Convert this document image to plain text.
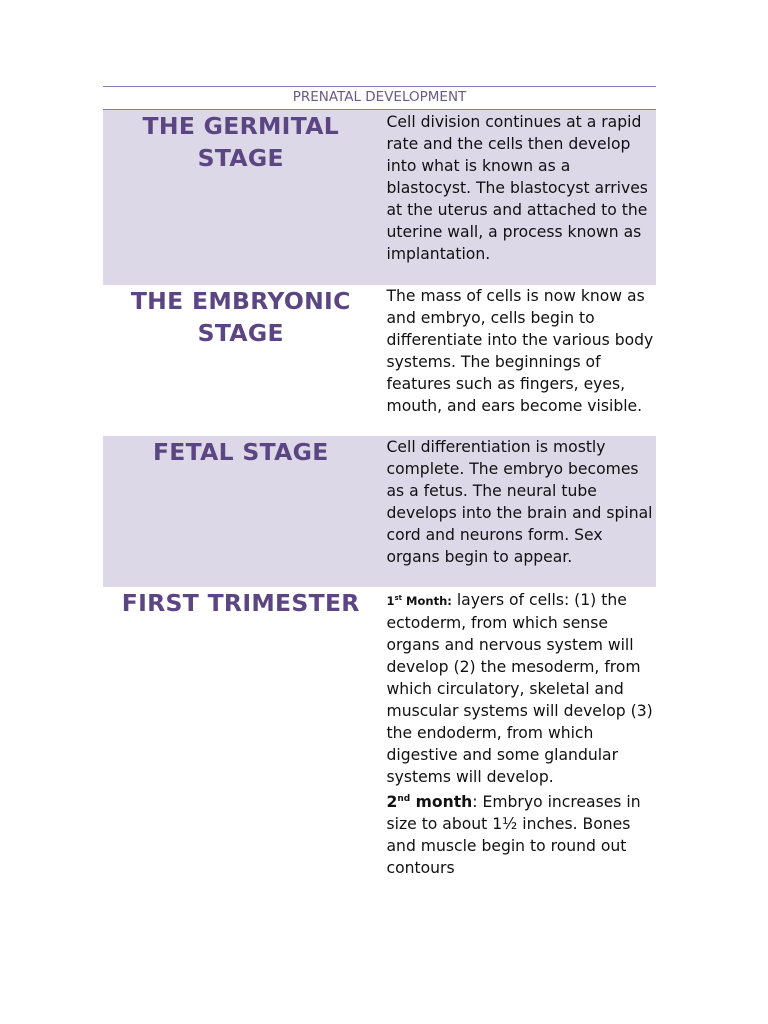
PRENATAL DEVELOPMENT
THE GERMITAL
STAGE

Cell division continues at a rapid rate and the cells then develop into what is known as a blastocyst. The blastocyst arrives at the uterus and attached to the uterine wall, a process known as implantation.

THE EMBRYONIC
STAGE

The mass of cells is now know as and embryo, cells begin to differentiate into the various body systems. The beginnings of features such as fingers, eyes, mouth, and ears become visible.

FETAL STAGE	Cell differentiation is mostly complete. The embryo becomes as a fetus. The neural tube develops into the brain and spinal cord and neurons form. Sex organs begin to appear.

FIRST TRIMESTER	1st Month: layers of cells: (1) the ectoderm, from which sense organs and nervous system will develop (2) the mesoderm, from which circulatory, skeletal and muscular systems will develop (3) the endoderm, from which digestive and some glandular systems will develop.

2nd month: Embryo increases in size to about 1½ inches. Bones and muscle begin to round out contours
